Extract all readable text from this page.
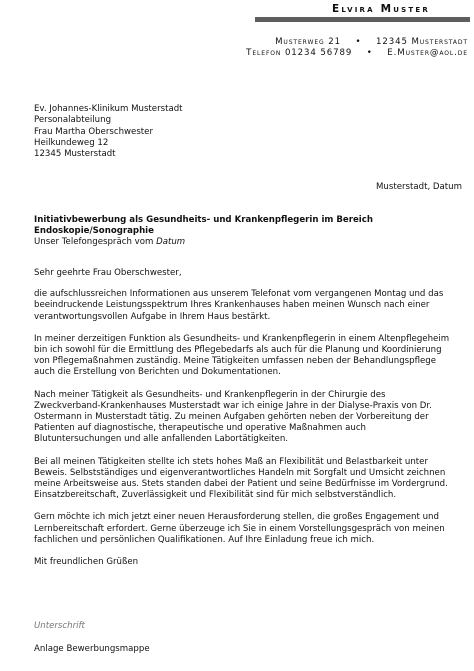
Elvira Muster
Musterweg 21 • 12345 Musterstadt
Telefon 01234 56789 • E.Muster@aol.de
Ev. Johannes-Klinikum Musterstadt
Personalabteilung
Frau Martha Oberschwester
Heilkundeweg 12
12345 Musterstadt
Musterstadt, Datum
Initiativbewerbung als Gesundheits- und Krankenpflegerin im Bereich Endoskopie/Sonographie
Unser Telefongespräch vom Datum

Sehr geehrte Frau Oberschwester,

die aufschlussreichen Informationen aus unserem Telefonat vom vergangenen Montag und das beeindruckende Leistungsspektrum Ihres Krankenhauses haben meinen Wunsch nach einer verantwortungsvollen Aufgabe in Ihrem Haus bestärkt.

In meiner derzeitigen Funktion als Gesundheits- und Krankenpflegerin in einem Altenpflegeheim bin ich sowohl für die Ermittlung des Pflegebedarfs als auch für die Planung und Koordinierung von Pflegemaßnahmen zuständig. Meine Tätigkeiten umfassen neben der Behandlungspflege auch die Erstellung von Berichten und Dokumentationen.

Nach meiner Tätigkeit als Gesundheits- und Krankenpflegerin in der Chirurgie des Zweckverband-Krankenhauses Musterstadt war ich einige Jahre in der Dialyse-Praxis von Dr. Ostermann in Musterstadt tätig. Zu meinen Aufgaben gehörten neben der Vorbereitung der Patienten auf diagnostische, therapeutische und operative Maßnahmen auch Blutuntersuchungen und alle anfallenden Labortätigkeiten.

Bei all meinen Tätigkeiten stellte ich stets hohes Maß an Flexibilität und Belastbarkeit unter Beweis. Selbstständiges und eigenverantwortliches Handeln mit Sorgfalt und Umsicht zeichnen meine Arbeitsweise aus. Stets standen dabei der Patient und seine Bedürfnisse im Vordergrund. Einsatzbereitschaft, Zuverlässigkeit und Flexibilität sind für mich selbstverständlich.

Gern möchte ich mich jetzt einer neuen Herausforderung stellen, die großes Engagement und Lernbereitschaft erfordert. Gerne überzeuge ich Sie in einem Vorstellungsgespräch von meinen fachlichen und persönlichen Qualifikationen. Auf Ihre Einladung freue ich mich.

Mit freundlichen Grüßen

Unterschrift
Anlage Bewerbungsmappe
